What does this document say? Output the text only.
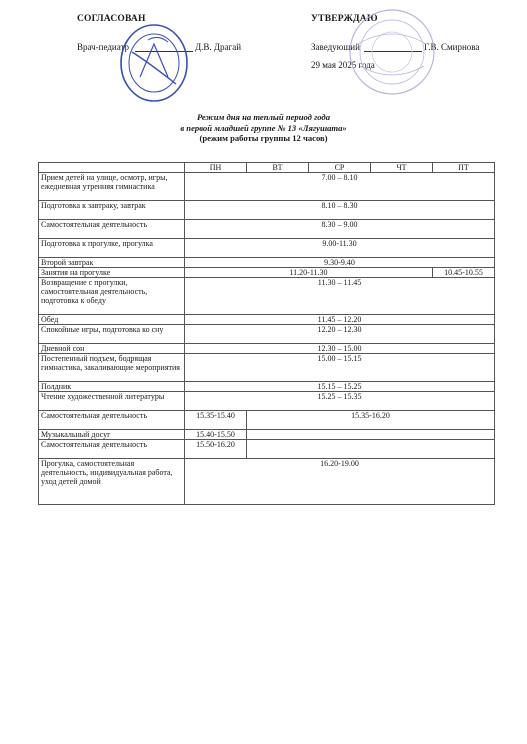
СОГЛАСОВАН
Врач-педиатр	Д.В. Драгай
УТВЕРЖДАЮ
Заведующий	Г.В. Смирнова
29 мая 2025 года
Режим дня на теплый период года
в первой младшей группе № 13 «Лягушата»
(режим работы группы 12 часов)
	ПН	ВТ	СР	ЧТ	ПТ
Прием детей на улице, осмотр, игры, ежедневная утренняя гимнастика	7.00 – 8.10				
Подготовка к завтраку, завтрак	8.10 – 8.30				
Самостоятельная деятельность	8.30 – 9.00				
Подготовка к прогулке, прогулка	9.00-11.30				
Второй завтрак	9.30-9.40				
Занятия на прогулке	11.20-11.30				10.45-10.55
Возвращение с прогулки, самостоятельная деятельность, подготовка к обеду	11.30 – 11.45				
Обед	11.45 – 12.20				
Спокойные игры, подготовка ко сну	12.20 – 12.30				
Дневной сон	12.30 – 15.00				
Постепенный подъем, бодрящая гимнастика, закаливающие мероприятия	15.00 – 15.15				
Полдник	15.15 – 15.25				
Чтение художественной литературы	15.25 – 15.35				
Самостоятельная деятельность	15.35-15.40	15.35-16.20			
Музыкальный досуг	15.40-15.50				
Самостоятельная деятельность	15.50-16.20				
Прогулка, самостоятельная деятельность, индивидуальная работа, уход детей домой	16.20-19.00				
